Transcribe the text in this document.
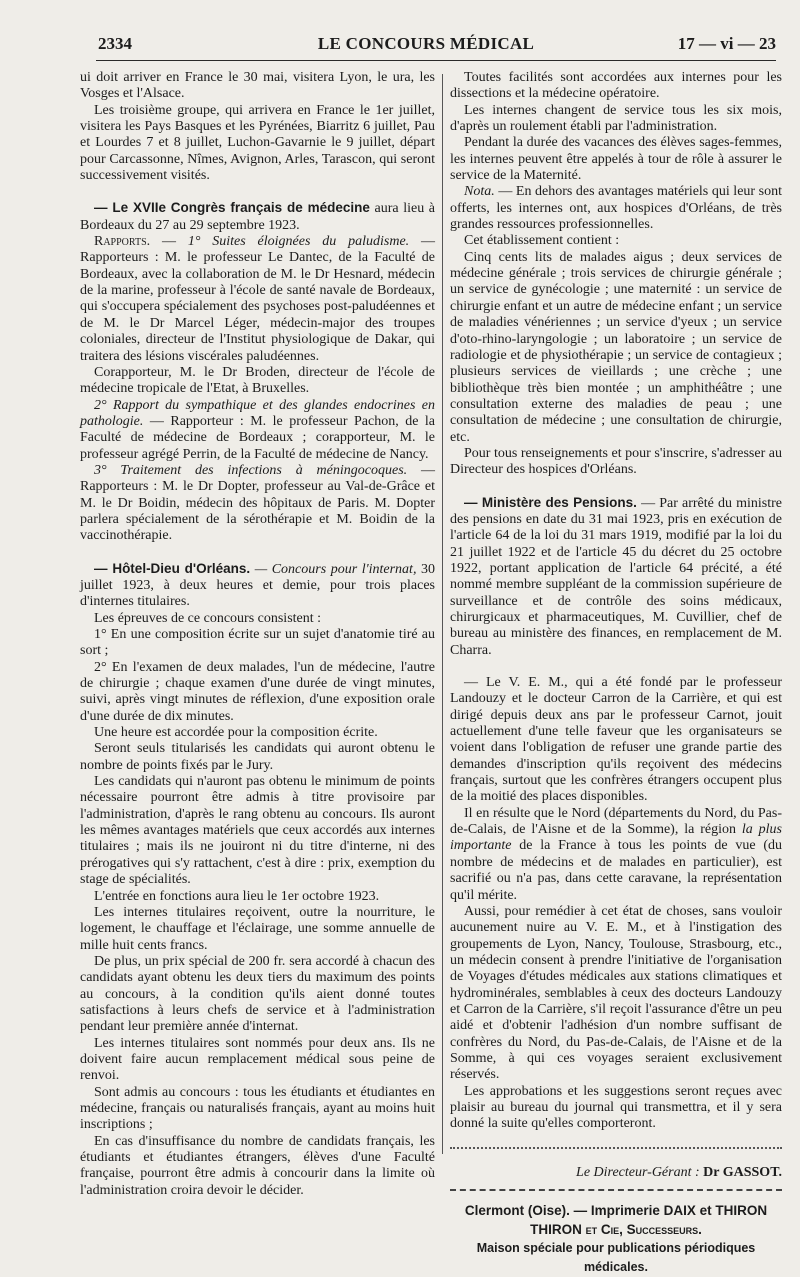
2334	LE CONCOURS MÉDICAL	17 — vi — 23

ui doit arriver en France le 30 mai, visitera Lyon, le ura, les Vosges et l'Alsace.

Les troisième groupe, qui arrivera en France le 1er juillet, visitera les Pays Basques et les Pyrénées, Biarritz 6 juillet, Pau et Lourdes 7 et 8 juillet, Luchon-Gavarnie le 9 juillet, départ pour Carcassonne, Nîmes, Avignon, Arles, Tarascon, qui seront successivement visités.

— Le XVIIe Congrès français de médecine aura lieu à Bordeaux du 27 au 29 septembre 1923.

Rapports. — 1° Suites éloignées du paludisme. — Rapporteurs : M. le professeur Le Dantec, de la Faculté de Bordeaux, avec la collaboration de M. le Dr Hesnard, médecin de la marine, professeur à l'école de santé navale de Bordeaux, qui s'occupera spécialement des psychoses post-paludéennes et de M. le Dr Marcel Léger, médecin-major des troupes coloniales, directeur de l'Institut physiologique de Dakar, qui traitera des lésions viscérales paludéennes.

Corapporteur, M. le Dr Broden, directeur de l'école de médecine tropicale de l'Etat, à Bruxelles.

2° Rapport du sympathique et des glandes endocrines en pathologie. — Rapporteur : M. le professeur Pachon, de la Faculté de médecine de Bordeaux ; corapporteur, M. le professeur agrégé Perrin, de la Faculté de médecine de Nancy.

3° Traitement des infections à méningocoques. — Rapporteurs : M. le Dr Dopter, professeur au Val-de-Grâce et M. le Dr Boidin, médecin des hôpitaux de Paris. M. Dopter parlera spécialement de la sérothérapie et M. Boidin de la vaccinothérapie.

— Hôtel-Dieu d'Orléans. — Concours pour l'internat, 30 juillet 1923, à deux heures et demie, pour trois places d'internes titulaires.

Les épreuves de ce concours consistent :

1° En une composition écrite sur un sujet d'anatomie tiré au sort ;

2° En l'examen de deux malades, l'un de médecine, l'autre de chirurgie ; chaque examen d'une durée de vingt minutes, suivi, après vingt minutes de réflexion, d'une exposition orale d'une durée de dix minutes.

Une heure est accordée pour la composition écrite.

Seront seuls titularisés les candidats qui auront obtenu le nombre de points fixés par le Jury.

Les candidats qui n'auront pas obtenu le minimum de points nécessaire pourront être admis à titre provisoire par l'administration, d'après le rang obtenu au concours. Ils auront les mêmes avantages matériels que ceux accordés aux internes titulaires ; mais ils ne jouiront ni du titre d'interne, ni des prérogatives qui s'y rattachent, c'est à dire : prix, exemption du stage de spécialités.

L'entrée en fonctions aura lieu le 1er octobre 1923.

Les internes titulaires reçoivent, outre la nourriture, le logement, le chauffage et l'éclairage, une somme annuelle de mille huit cents francs.

De plus, un prix spécial de 200 fr. sera accordé à chacun des candidats ayant obtenu les deux tiers du maximum des points au concours, à la condition qu'ils aient donné toutes satisfactions à leurs chefs de service et à l'administration pendant leur première année d'internat.

Les internes titulaires sont nommés pour deux ans. Ils ne doivent faire aucun remplacement médical sous peine de renvoi.

Sont admis au concours : tous les étudiants et étudiantes en médecine, français ou naturalisés français, ayant au moins huit inscriptions ;

En cas d'insuffisance du nombre de candidats français, les étudiants et étudiantes étrangers, élèves d'une Faculté française, pourront être admis à concourir dans la limite où l'administration croira devoir le décider.

Toutes facilités sont accordées aux internes pour les dissections et la médecine opératoire.

Les internes changent de service tous les six mois, d'après un roulement établi par l'administration.

Pendant la durée des vacances des élèves sages-femmes, les internes peuvent être appelés à tour de rôle à assurer le service de la Maternité.

Nota. — En dehors des avantages matériels qui leur sont offerts, les internes ont, aux hospices d'Orléans, de très grandes ressources professionnelles.

Cet établissement contient :

Cinq cents lits de malades aigus ; deux services de médecine générale ; trois services de chirurgie générale ; un service de gynécologie ; une maternité : un service de chirurgie enfant et un autre de médecine enfant ; un service de maladies vénériennes ; un service d'yeux ; un service d'oto-rhino-laryngologie ; un laboratoire ; un service de radiologie et de physiothérapie ; un service de contagieux ; plusieurs services de vieillards ; une crèche ; une bibliothèque très bien montée ; un amphithéâtre ; une consultation externe des maladies de peau ; une consultation de médecine ; une consultation de chirurgie, etc.

Pour tous renseignements et pour s'inscrire, s'adresser au Directeur des hospices d'Orléans.

— Ministère des Pensions. — Par arrêté du ministre des pensions en date du 31 mai 1923, pris en exécution de l'article 64 de la loi du 31 mars 1919, modifié par la loi du 21 juillet 1922 et de l'article 45 du décret du 25 octobre 1922, portant application de l'article 64 précité, a été nommé membre suppléant de la commission supérieure de surveillance et de contrôle des soins médicaux, chirurgicaux et pharmaceutiques, M. Cuvillier, chef de bureau au ministère des finances, en remplacement de M. Charra.

— Le V. E. M., qui a été fondé par le professeur Landouzy et le docteur Carron de la Carrière, et qui est dirigé depuis deux ans par le professeur Carnot, jouit actuellement d'une telle faveur que les organisateurs se voient dans l'obligation de refuser une grande partie des demandes d'inscription qu'ils reçoivent des médecins français, surtout que les confrères étrangers occupent plus de la moitié des places disponibles.

Il en résulte que le Nord (départements du Nord, du Pas-de-Calais, de l'Aisne et de la Somme), la région la plus importante de la France à tous les points de vue (du nombre de médecins et de malades en particulier), est sacrifié ou n'a pas, dans cette caravane, la représentation qu'il mérite.

Aussi, pour remédier à cet état de choses, sans vouloir aucunement nuire au V. E. M., et à l'instigation des groupements de Lyon, Nancy, Toulouse, Strasbourg, etc., un médecin consent à prendre l'initiative de l'organisation de Voyages d'études médicales aux stations climatiques et hydrominérales, semblables à ceux des docteurs Landouzy et Carron de la Carrière, s'il reçoit l'assurance d'être un peu aidé et d'obtenir l'adhésion d'un nombre suffisant de confrères du Nord, du Pas-de-Calais, de l'Aisne et de la Somme, à qui ces voyages seraient exclusivement réservés.

Les approbations et les suggestions seront reçues avec plaisir au bureau du journal qui transmettra, et il y sera donné la suite qu'elles comporteront.

Le Directeur-Gérant : Dr GASSOT.
Clermont (Oise). — Imprimerie DAIX et THIRON
THIRON et Cie, Successeurs.
Maison spéciale pour publications périodiques médicales.
